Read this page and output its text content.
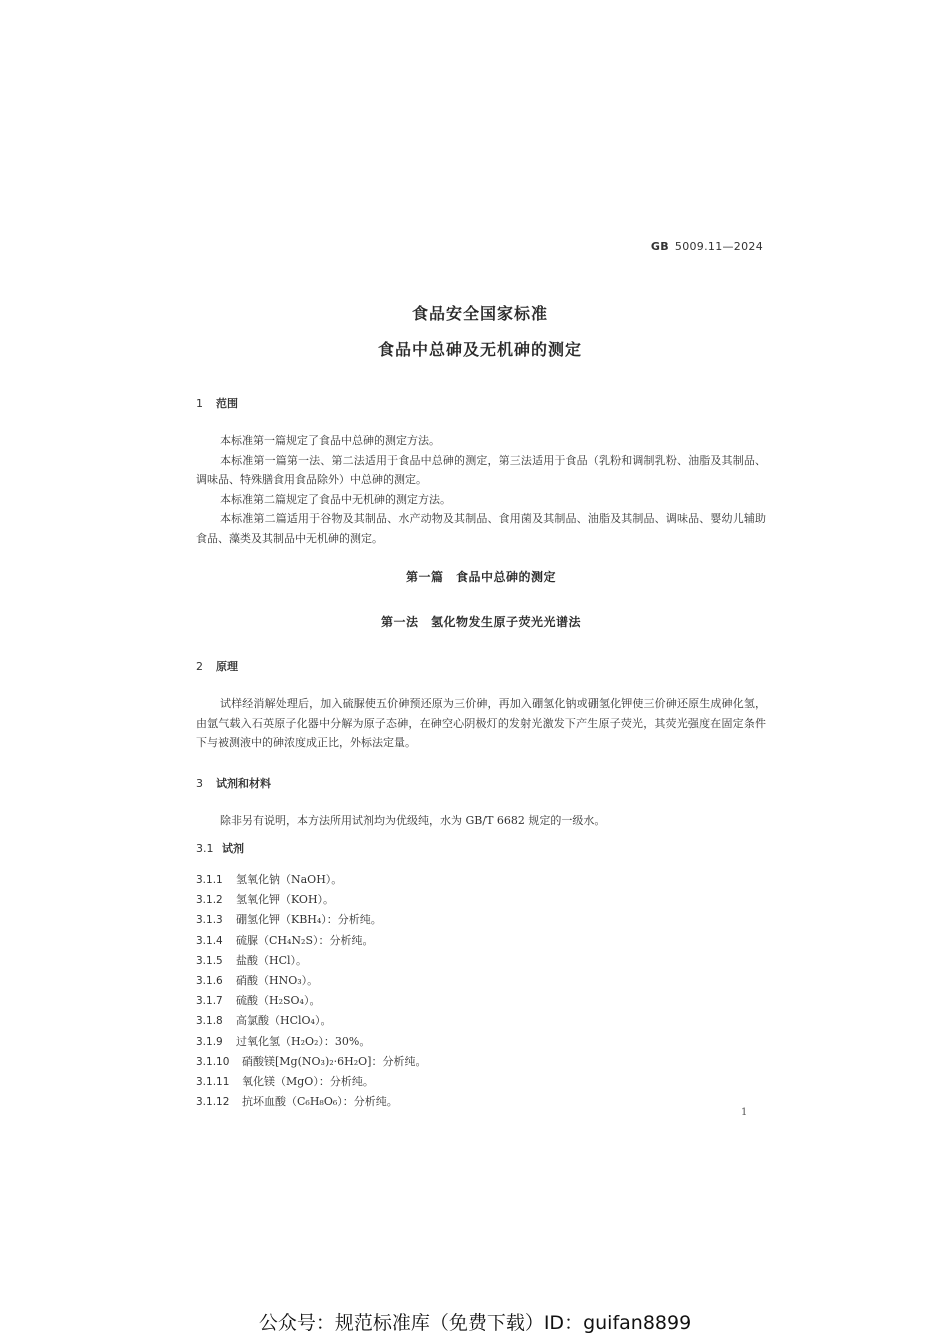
GB 5009.11—2024
食品安全国家标准
食品中总砷及无机砷的测定
1 范围

本标准第一篇规定了食品中总砷的测定方法。

本标准第一篇第一法、第二法适用于食品中总砷的测定，第三法适用于食品（乳粉和调制乳粉、油脂及其制品、调味品、特殊膳食用食品除外）中总砷的测定。

本标准第二篇规定了食品中无机砷的测定方法。

本标准第二篇适用于谷物及其制品、水产动物及其制品、食用菌及其制品、油脂及其制品、调味品、婴幼儿辅助食品、藻类及其制品中无机砷的测定。

第一篇　食品中总砷的测定
第一法　氢化物发生原子荧光光谱法
2 原理

试样经消解处理后，加入硫脲使五价砷预还原为三价砷，再加入硼氢化钠或硼氢化钾使三价砷还原生成砷化氢，由氩气载入石英原子化器中分解为原子态砷，在砷空心阴极灯的发射光激发下产生原子荧光，其荧光强度在固定条件下与被测液中的砷浓度成正比，外标法定量。

3 试剂和材料

除非另有说明，本方法所用试剂均为优级纯，水为 GB/T 6682 规定的一级水。

3.1 试剂
3.1.1 氢氧化钠（NaOH）。
3.1.2 氢氧化钾（KOH）。
3.1.3 硼氢化钾（KBH₄）：分析纯。
3.1.4 硫脲（CH₄N₂S）：分析纯。
3.1.5 盐酸（HCl）。
3.1.6 硝酸（HNO₃）。
3.1.7 硫酸（H₂SO₄）。
3.1.8 高氯酸（HClO₄）。
3.1.9 过氧化氢（H₂O₂）：30%。
3.1.10 硝酸镁[Mg(NO₃)₂·6H₂O]：分析纯。
3.1.11 氧化镁（MgO）：分析纯。
3.1.12 抗坏血酸（C₆H₈O₆）：分析纯。
1
公众号：规范标准库（免费下载）ID：guifan8899
